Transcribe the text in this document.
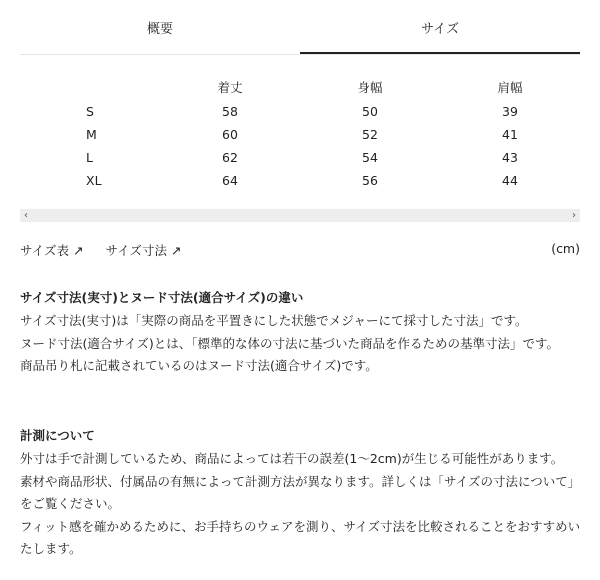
概要	サイズ
	着丈	身幅	肩幅
S	58	50	39
M	60	52	41
L	62	54	43
XL	64	56	44
‹	›
サイズ表 ↗ サイズ寸法 ↗	(cm)
サイズ寸法(実寸)とヌード寸法(適合サイズ)の違い

サイズ寸法(実寸)は「実際の商品を平置きにした状態でメジャーにて採寸した寸法」です。

ヌード寸法(適合サイズ)とは、「標準的な体の寸法に基づいた商品を作るための基準寸法」です。

商品吊り札に記載されているのはヌード寸法(適合サイズ)です。

計測について

外寸は手で計測しているため、商品によっては若干の誤差(1〜2cm)が生じる可能性があります。

素材や商品形状、付属品の有無によって計測方法が異なります。詳しくは「サイズの寸法について」をご覧ください。

フィット感を確かめるために、お手持ちのウェアを測り、サイズ寸法を比較されることをおすすめいたします。
